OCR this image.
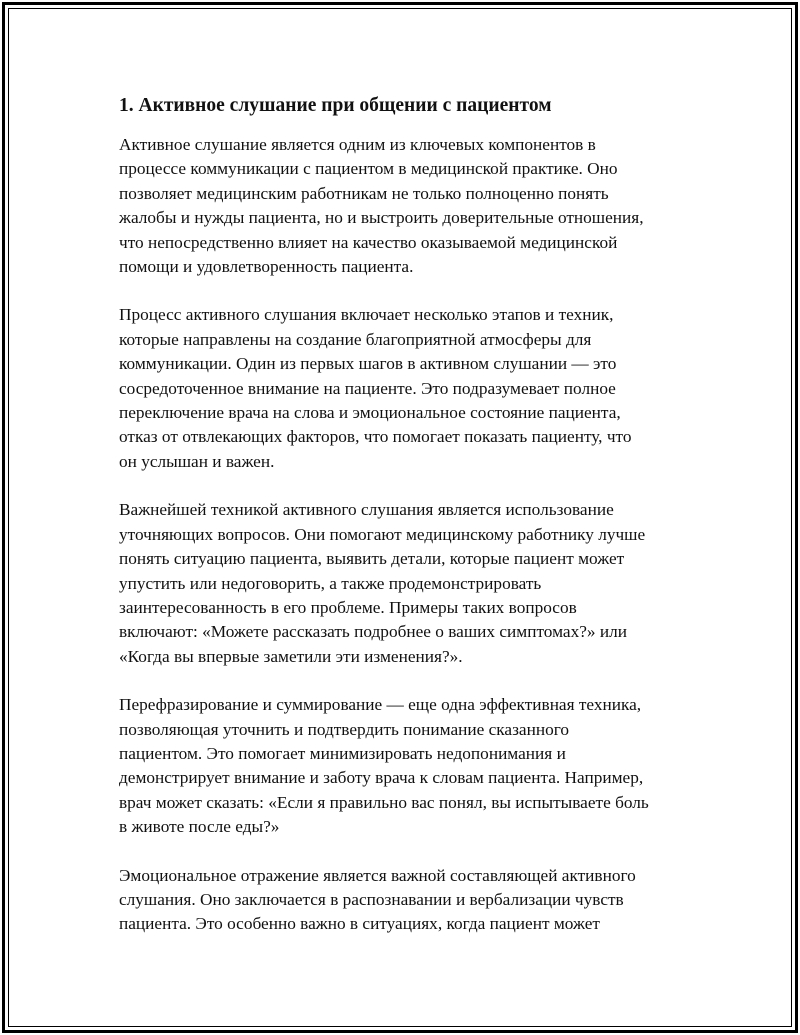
1. Активное слушание при общении с пациентом

Активное слушание является одним из ключевых компонентов в
процессе коммуникации с пациентом в медицинской практике. Оно
позволяет медицинским работникам не только полноценно понять
жалобы и нужды пациента, но и выстроить доверительные отношения,
что непосредственно влияет на качество оказываемой медицинской
помощи и удовлетворенность пациента.

Процесс активного слушания включает несколько этапов и техник,
которые направлены на создание благоприятной атмосферы для
коммуникации. Один из первых шагов в активном слушании — это
сосредоточенное внимание на пациенте. Это подразумевает полное
переключение врача на слова и эмоциональное состояние пациента,
отказ от отвлекающих факторов, что помогает показать пациенту, что
он услышан и важен.

Важнейшей техникой активного слушания является использование
уточняющих вопросов. Они помогают медицинскому работнику лучше
понять ситуацию пациента, выявить детали, которые пациент может
упустить или недоговорить, а также продемонстрировать
заинтересованность в его проблеме. Примеры таких вопросов
включают: «Можете рассказать подробнее о ваших симптомах?» или
«Когда вы впервые заметили эти изменения?».

Перефразирование и суммирование — еще одна эффективная техника,
позволяющая уточнить и подтвердить понимание сказанного
пациентом. Это помогает минимизировать недопонимания и
демонстрирует внимание и заботу врача к словам пациента. Например,
врач может сказать: «Если я правильно вас понял, вы испытываете боль
в животе после еды?»

Эмоциональное отражение является важной составляющей активного
слушания. Оно заключается в распознавании и вербализации чувств
пациента. Это особенно важно в ситуациях, когда пациент может
